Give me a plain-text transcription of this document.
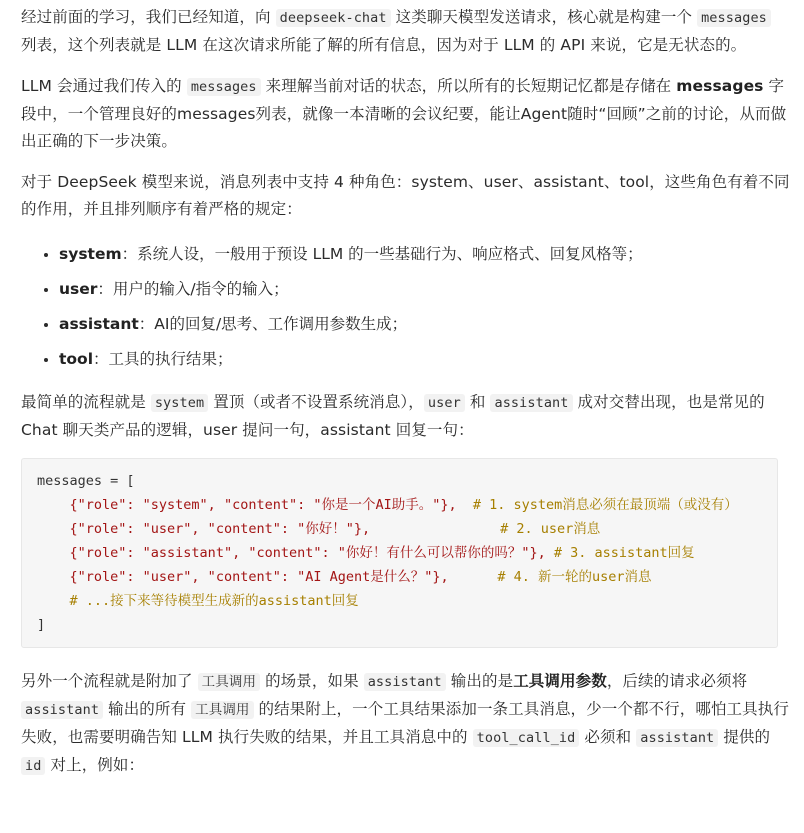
经过前面的学习，我们已经知道，向 deepseek-chat 这类聊天模型发送请求，核心就是构建一个 messages 列表，这个列表就是 LLM 在这次请求所能了解的所有信息，因为对于 LLM 的 API 来说，它是无状态的。

LLM 会通过我们传入的 messages 来理解当前对话的状态，所以所有的长短期记忆都是存储在 messages 字段中，一个管理良好的messages列表，就像一本清晰的会议纪要，能让Agent随时“回顾”之前的讨论，从而做出正确的下一步决策。

对于 DeepSeek 模型来说，消息列表中支持 4 种角色：system、user、assistant、tool，这些角色有着不同的作用，并且排列顺序有着严格的规定：

• system：系统人设，一般用于预设 LLM 的一些基础行为、响应格式、回复风格等；
• user：用户的输入/指令的输入；
• assistant：AI的回复/思考、工作调用参数生成；
• tool：工具的执行结果；

最简单的流程就是 system 置顶（或者不设置系统消息）， user 和 assistant 成对交替出现，也是常见的 Chat 聊天类产品的逻辑，user 提问一句，assistant 回复一句：

messages = [
{"role": "system", "content": "你是一个AI助手。"},  # 1. system消息必须在最顶端（或没有）
{"role": "user", "content": "你好！"},                # 2. user消息
{"role": "assistant", "content": "你好！有什么可以帮你的吗？"}, # 3. assistant回复
{"role": "user", "content": "AI Agent是什么？"},      # 4. 新一轮的user消息
# ...接下来等待模型生成新的assistant回复
]

另外一个流程就是附加了 工具调用 的场景，如果 assistant 输出的是工具调用参数，后续的请求必须将 assistant 输出的所有 工具调用 的结果附上，一个工具结果添加一条工具消息，少一个都不行，哪怕工具执行失败，也需要明确告知 LLM 执行失败的结果，并且工具消息中的 tool_call_id 必须和 assistant 提供的 id 对上，例如：
